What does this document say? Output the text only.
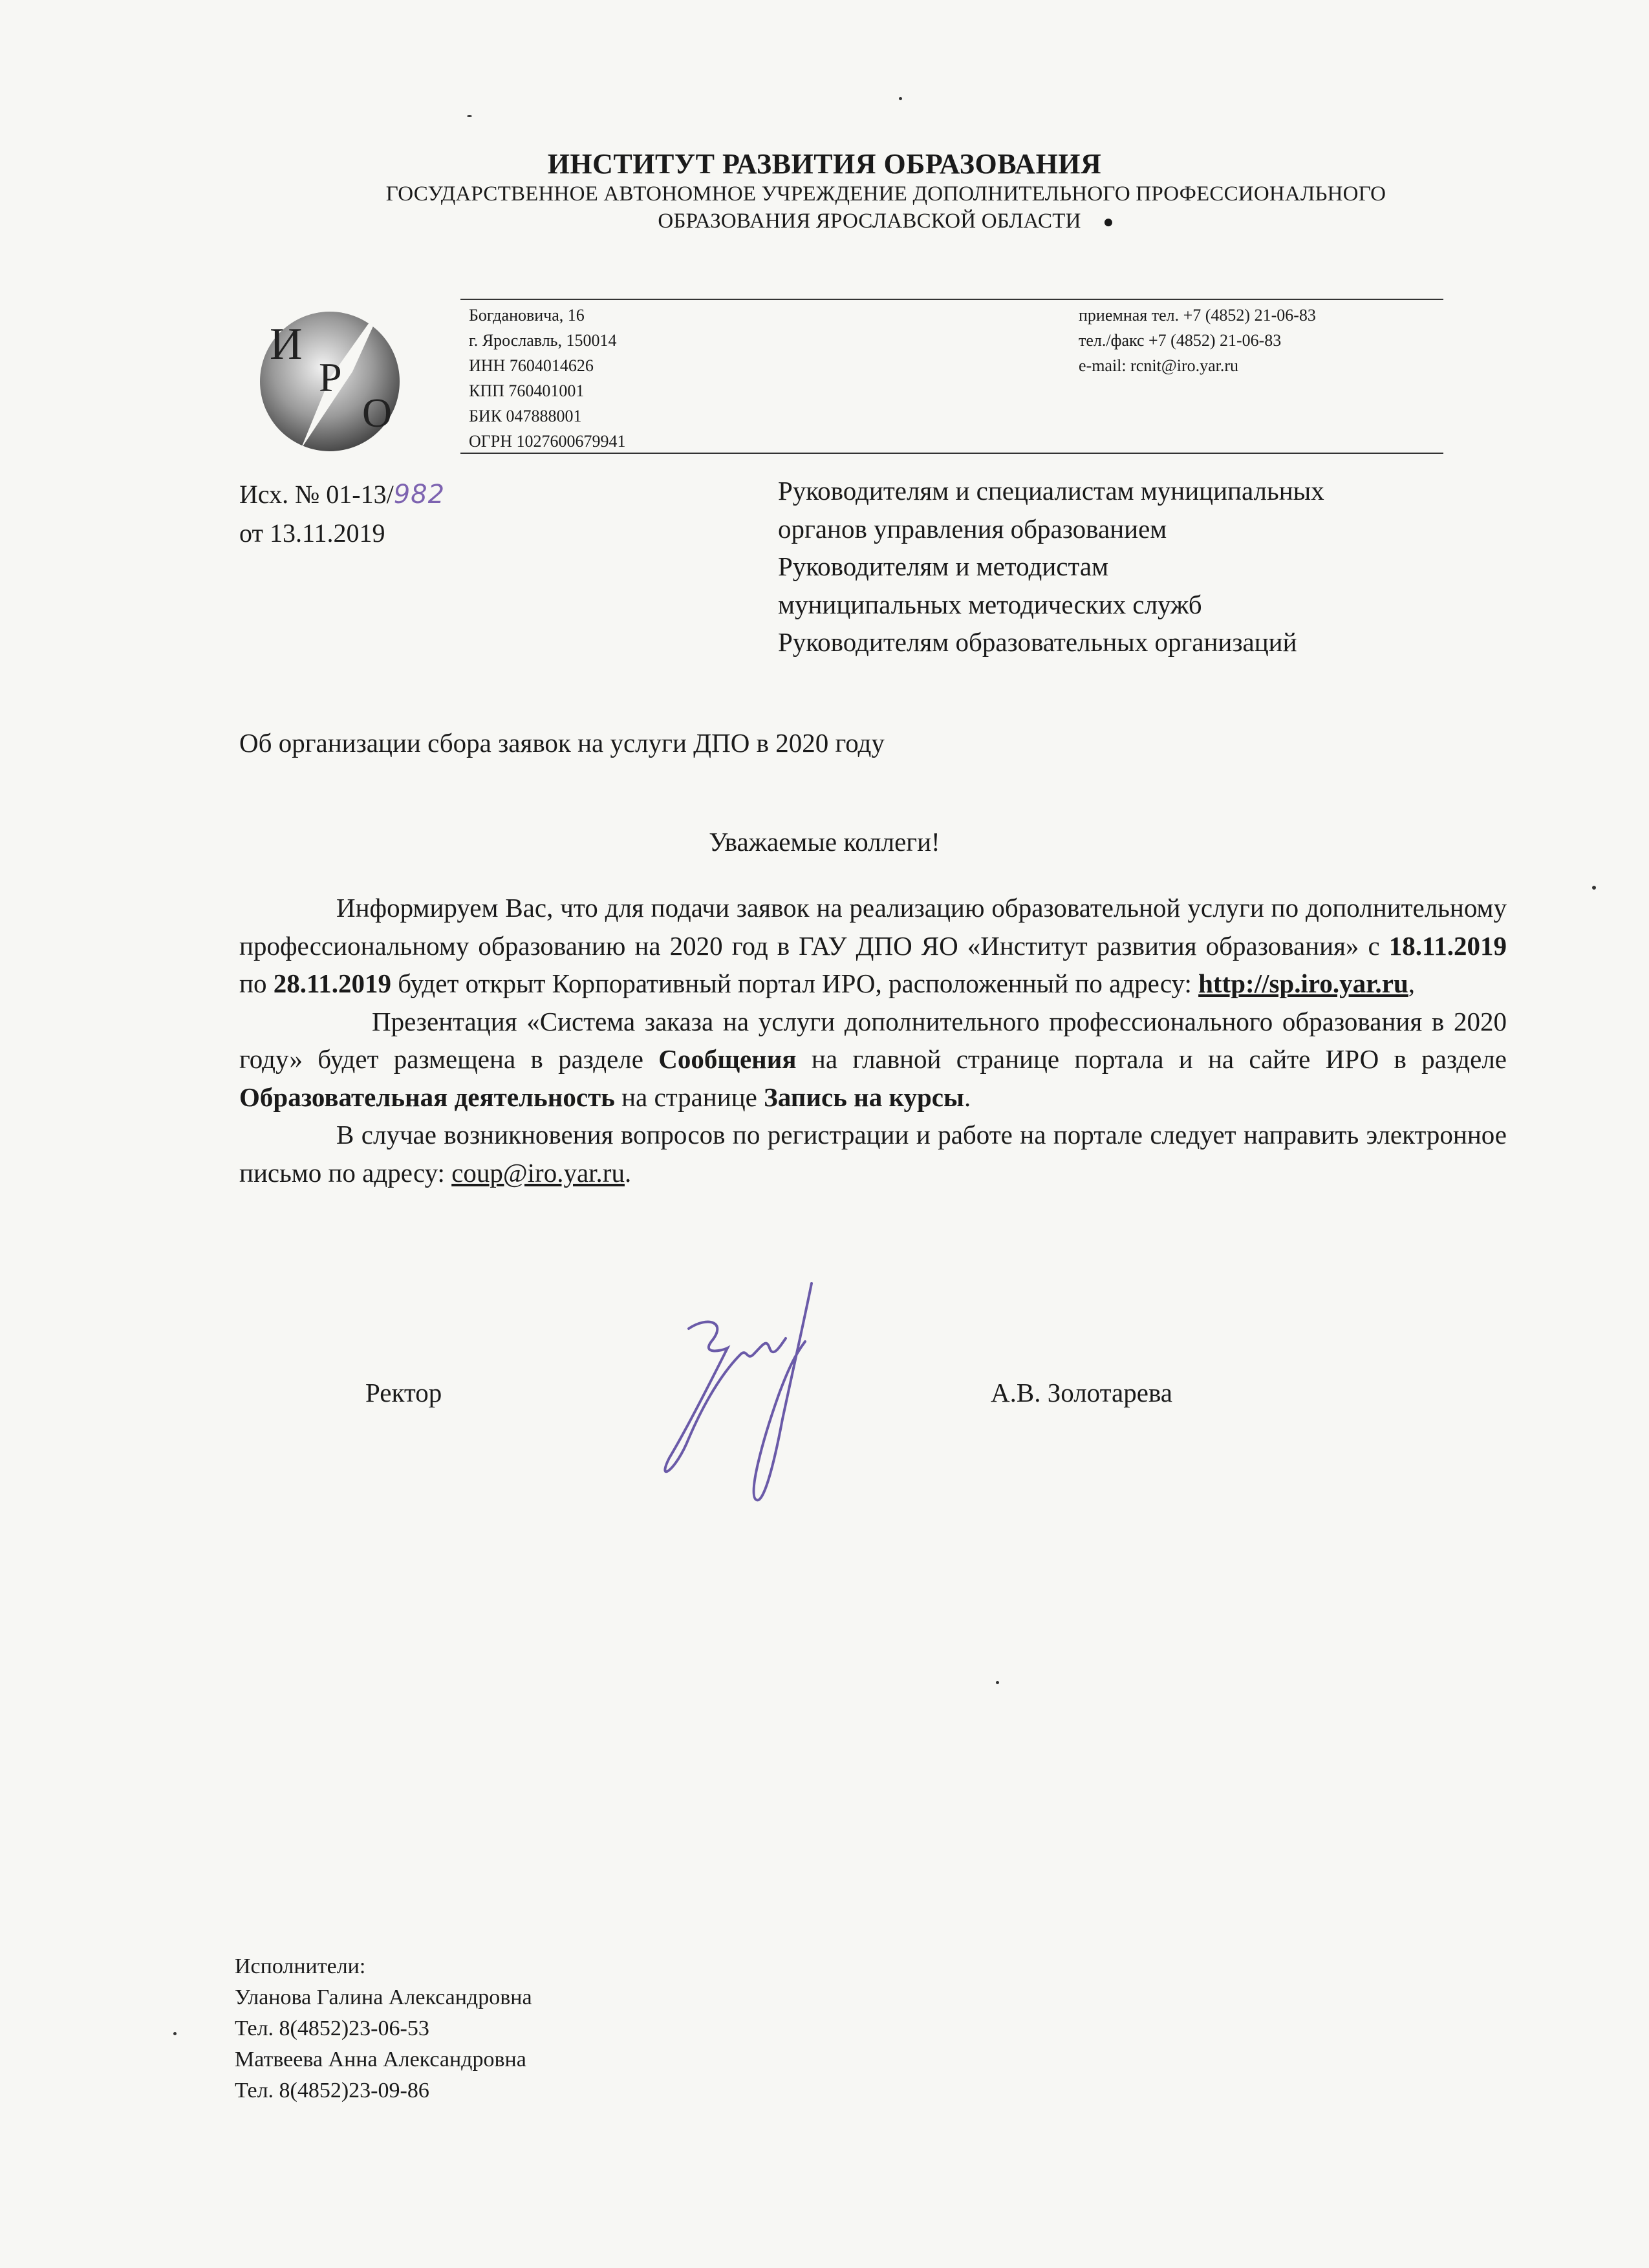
ИНСТИТУТ РАЗВИТИЯ ОБРАЗОВАНИЯ
ГОСУДАРСТВЕННОЕ АВТОНОМНОЕ УЧРЕЖДЕНИЕ ДОПОЛНИТЕЛЬНОГО ПРОФЕССИОНАЛЬНОГО
ОБРАЗОВАНИЯ ЯРОСЛАВСКОЙ ОБЛАСТИ ●
И
Р
О
Богдановича, 16
г. Ярославль, 150014
ИНН 7604014626
КПП 760401001
БИК 047888001
ОГРН 1027600679941
приемная тел. +7 (4852) 21-06-83
тел./факс +7 (4852) 21-06-83
e-mail: rcnit@iro.yar.ru
Исх. № 01-13/982
от 13.11.2019
Руководителям и специалистам муниципальных
органов управления образованием
Руководителям и методистам
муниципальных методических служб
Руководителям образовательных организаций
Об организации сбора заявок на услуги ДПО в 2020 году
Уважаемые коллеги!

Информируем Вас, что для подачи заявок на реализацию образовательной услуги по дополнительному профессиональному образованию на 2020 год в ГАУ ДПО ЯО «Институт развития образования» с 18.11.2019 по 28.11.2019 будет открыт Корпоративный портал ИРО, расположенный по адресу: http://sp.iro.yar.ru,

Презентация «Система заказа на услуги дополнительного профессионального образования в 2020 году» будет размещена в разделе Сообщения на главной странице портала и на сайте ИРО в разделе Образовательная деятельность на странице Запись на курсы.

В случае возникновения вопросов по регистрации и работе на портале следует направить электронное письмо по адресу: coup@iro.yar.ru.

Ректор	А.В. Золотарева
Исполнители:
Уланова Галина Александровна
Тел. 8(4852)23-06-53
Матвеева Анна Александровна
Тел. 8(4852)23-09-86
